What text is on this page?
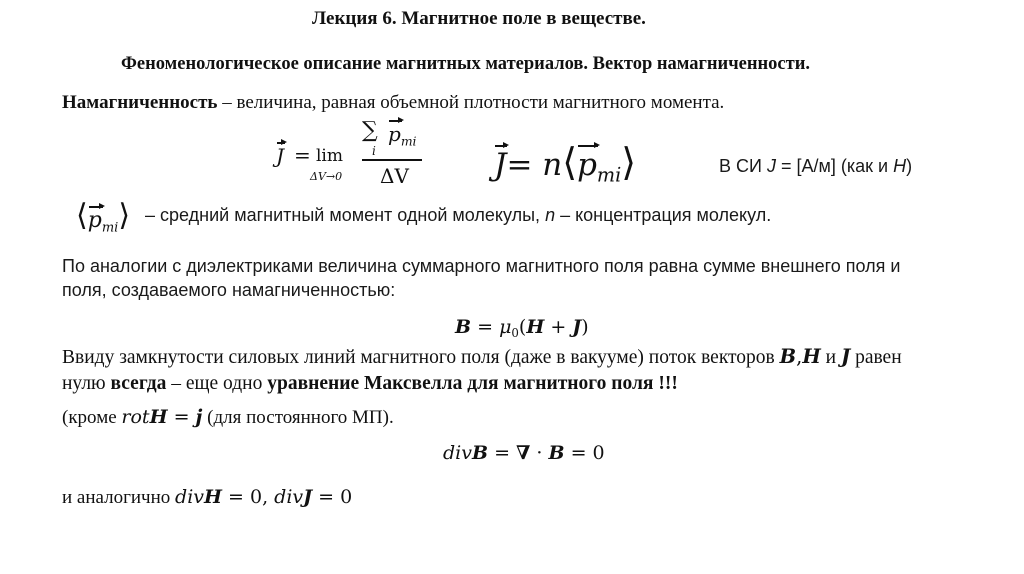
Лекция 6. Магнитное поле в веществе.
Феноменологическое описание магнитных материалов. Вектор намагниченности.
Намагниченность – величина, равная объемной плотности магнитного момента.
J = lim
ΔV→0
∑
i
$p_{mi}$
ΔV	$J= n⟨p_{mi}⟩$	В СИ J = [А/м] (как и H)
$⟨p_{mi}⟩$ – средний магнитный момент одной молекулы, n – концентрация молекул.
По аналогии с диэлектриками величина суммарного магнитного поля равна сумме внешнего поля и
поля, создаваемого намагниченностью:
$B = \mu_0(H + J)$
Ввиду замкнутости силовых линий магнитного поля (даже в вакууме) поток векторов B,H и J равен
нулю всегда – еще одно уравнение Максвелла для магнитного поля !!!
(кроме rotH = j (для постоянного МП).
divB = ∇ · B = 0
и аналогично divH = 0, divJ = 0
